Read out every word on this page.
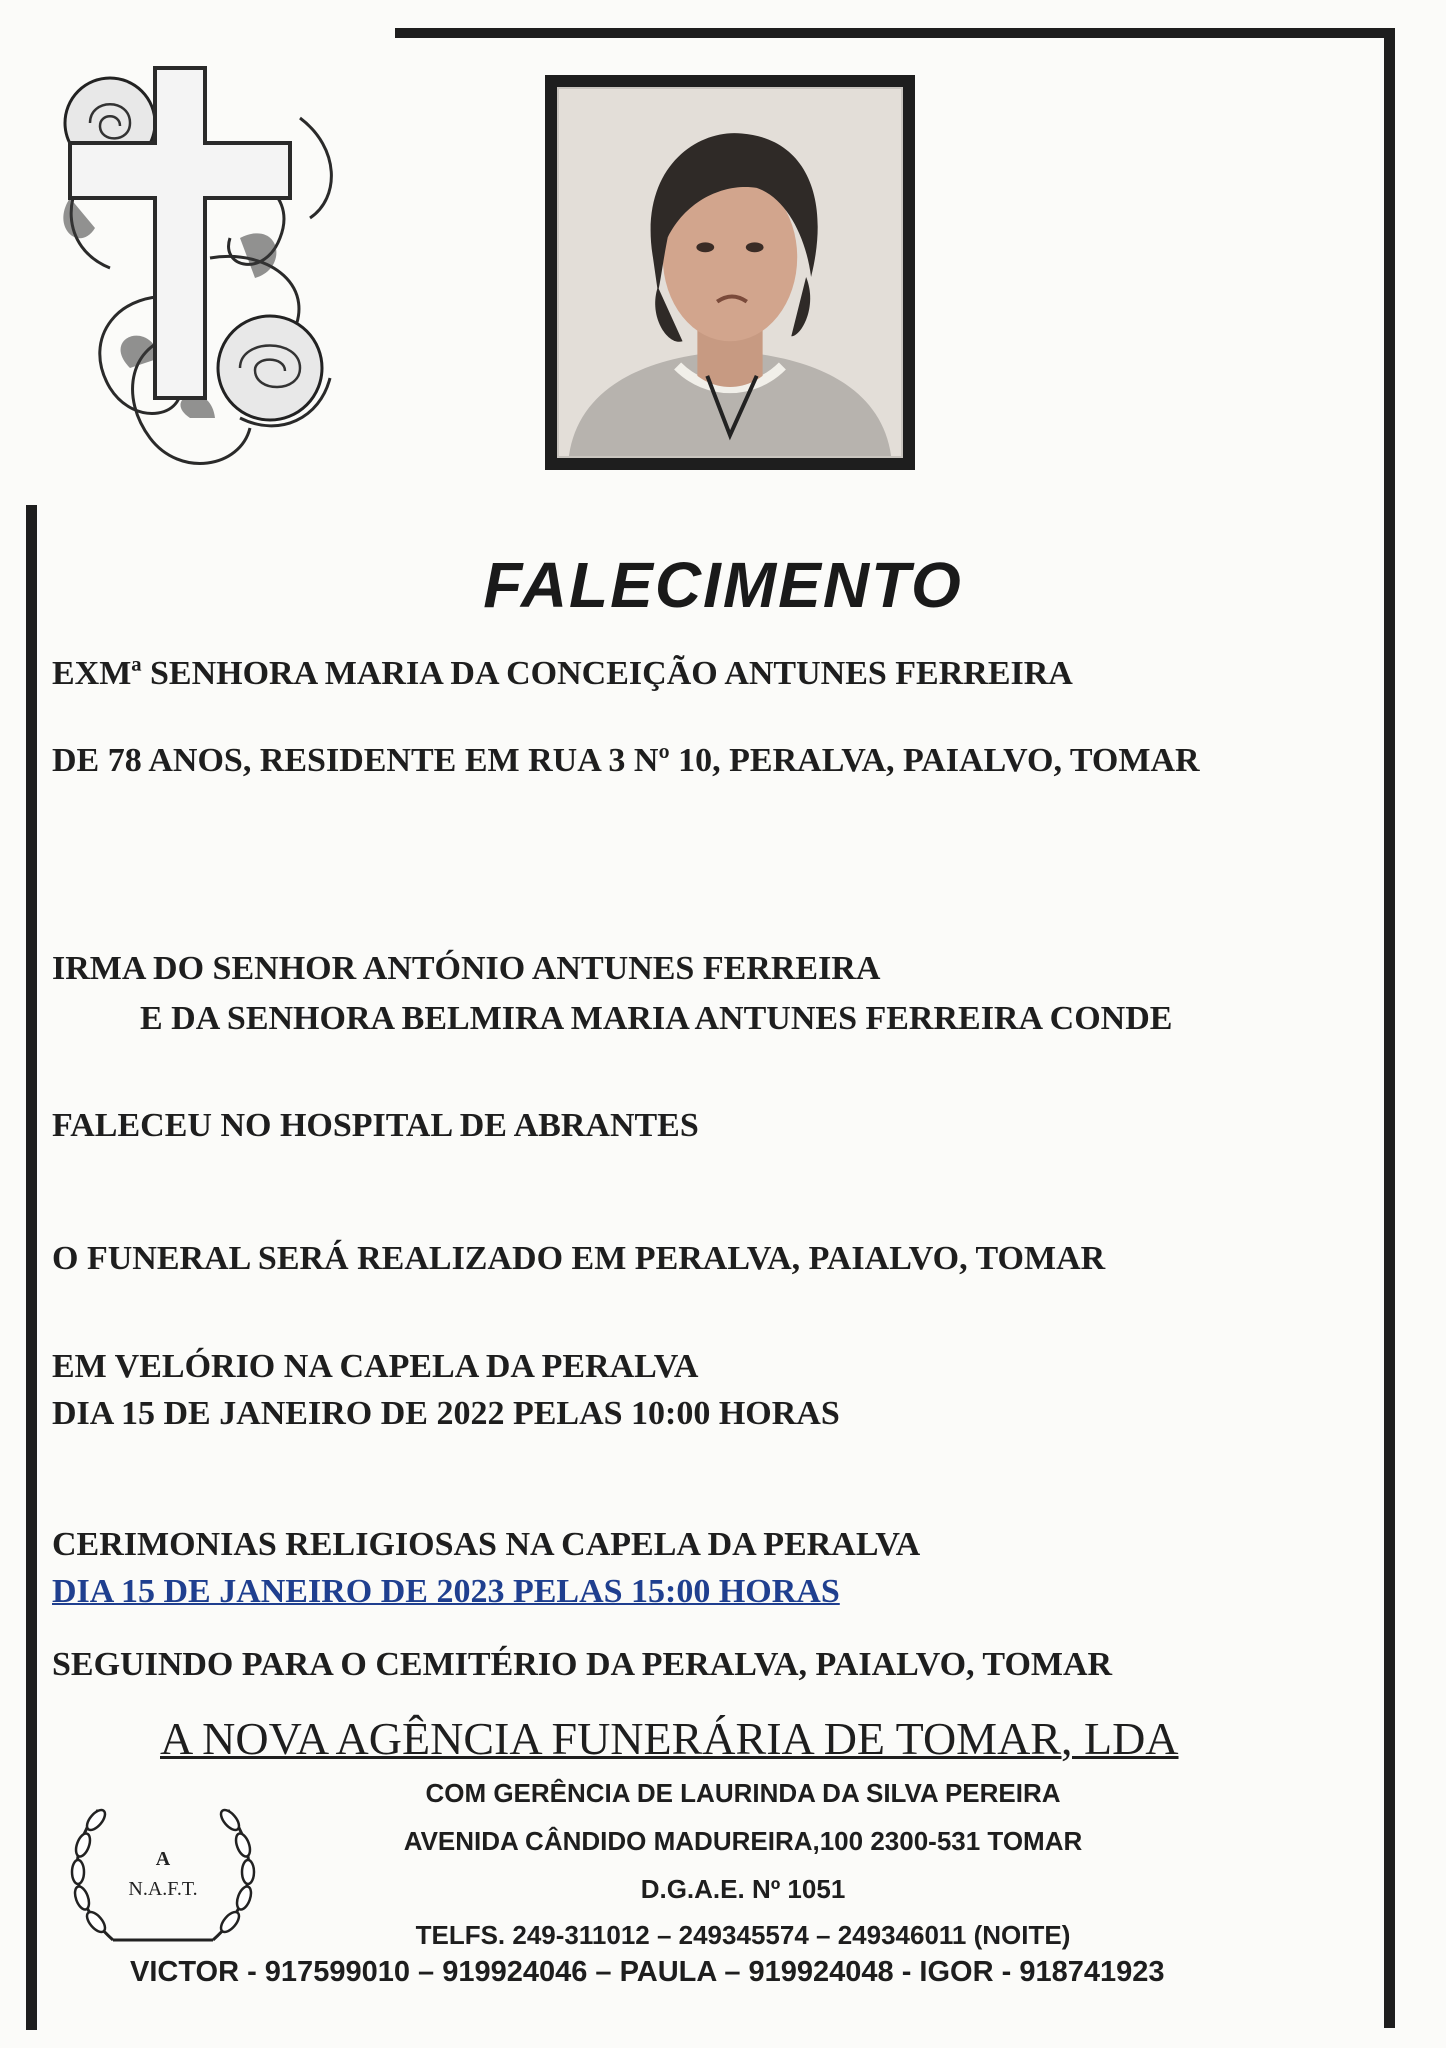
FALECIMENTO
EXMª SENHORA MARIA DA CONCEIÇÃO ANTUNES FERREIRA
DE 78 ANOS, RESIDENTE EM RUA 3 Nº 10, PERALVA, PAIALVO, TOMAR
IRMA DO SENHOR ANTÓNIO ANTUNES FERREIRA
E DA SENHORA BELMIRA MARIA ANTUNES FERREIRA CONDE
FALECEU NO HOSPITAL DE ABRANTES
O FUNERAL SERÁ REALIZADO EM PERALVA, PAIALVO, TOMAR
EM VELÓRIO NA CAPELA DA PERALVA
DIA 15 DE JANEIRO DE 2022 PELAS 10:00 HORAS
CERIMONIAS RELIGIOSAS NA CAPELA DA PERALVA
DIA 15 DE JANEIRO DE 2023 PELAS 15:00 HORAS
SEGUINDO PARA O CEMITÉRIO DA PERALVA, PAIALVO, TOMAR
A NOVA AGÊNCIA FUNERÁRIA DE TOMAR, LDA
COM GERÊNCIA DE LAURINDA DA SILVA PEREIRA
AVENIDA CÂNDIDO MADUREIRA,100 2300-531 TOMAR
D.G.A.E. Nº 1051
TELFS. 249-311012 – 249345574 – 249346011 (NOITE)
VICTOR - 917599010 – 919924046 – PAULA – 919924048 - IGOR - 918741923
A
N.A.F.T.
